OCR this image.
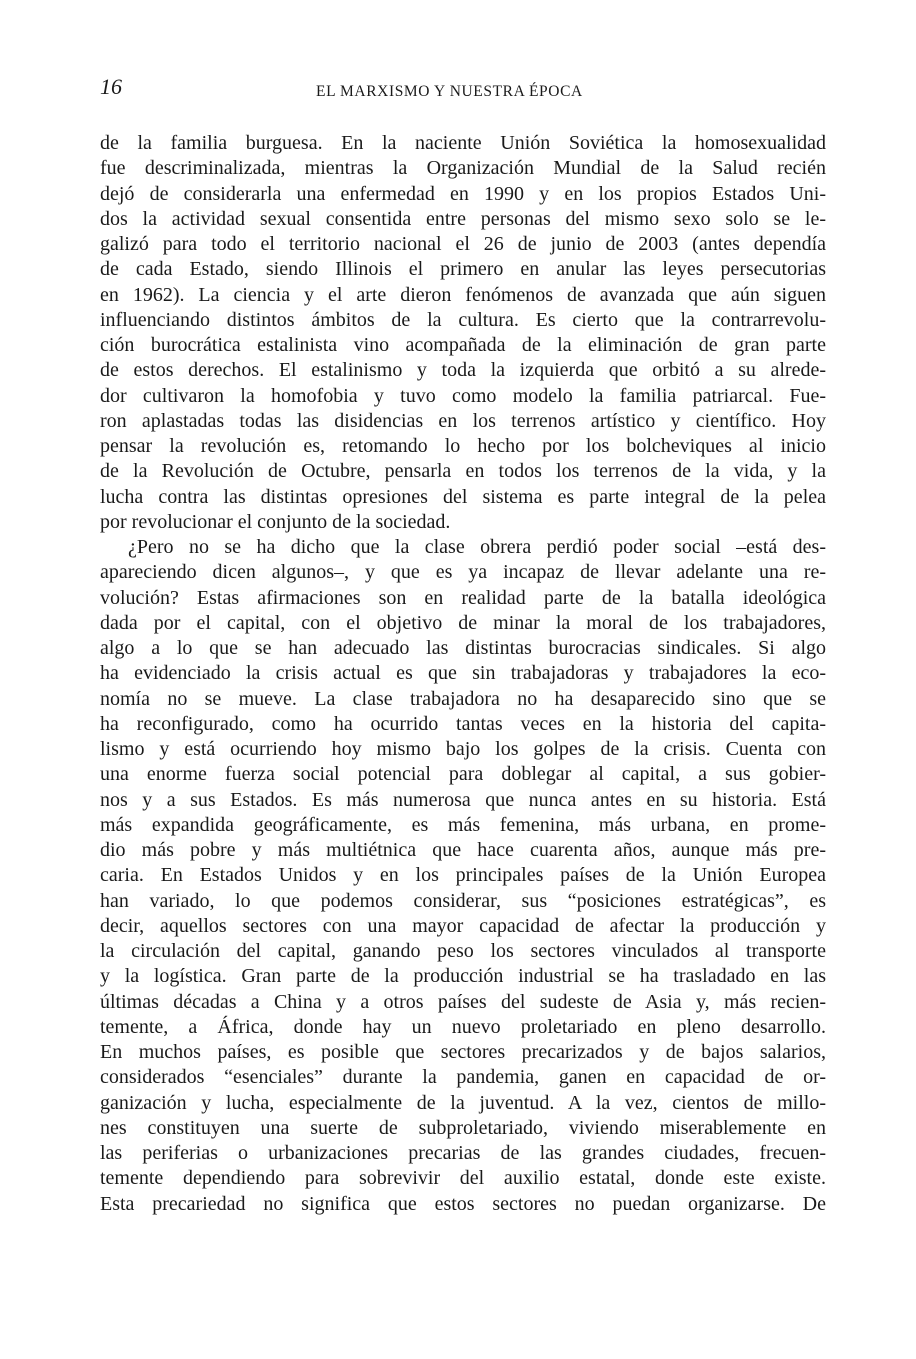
16	EL MARXISMO Y NUESTRA ÉPOCA
de la familia burguesa. En la naciente Unión Soviética la homosexualidad
fue descriminalizada, mientras la Organización Mundial de la Salud recién
dejó de considerarla una enfermedad en 1990 y en los propios Estados Uni-
dos la actividad sexual consentida entre personas del mismo sexo solo se le-
galizó para todo el territorio nacional el 26 de junio de 2003 (antes dependía
de cada Estado, siendo Illinois el primero en anular las leyes persecutorias
en 1962). La ciencia y el arte dieron fenómenos de avanzada que aún siguen
influenciando distintos ámbitos de la cultura. Es cierto que la contrarrevolu-
ción burocrática estalinista vino acompañada de la eliminación de gran parte
de estos derechos. El estalinismo y toda la izquierda que orbitó a su alrede-
dor cultivaron la homofobia y tuvo como modelo la familia patriarcal. Fue-
ron aplastadas todas las disidencias en los terrenos artístico y científico. Hoy
pensar la revolución es, retomando lo hecho por los bolcheviques al inicio
de la Revolución de Octubre, pensarla en todos los terrenos de la vida, y la
lucha contra las distintas opresiones del sistema es parte integral de la pelea
por revolucionar el conjunto de la sociedad.
¿Pero no se ha dicho que la clase obrera perdió poder social –está des-
apareciendo dicen algunos–, y que es ya incapaz de llevar adelante una re-
volución? Estas afirmaciones son en realidad parte de la batalla ideológica
dada por el capital, con el objetivo de minar la moral de los trabajadores,
algo a lo que se han adecuado las distintas burocracias sindicales. Si algo
ha evidenciado la crisis actual es que sin trabajadoras y trabajadores la eco-
nomía no se mueve. La clase trabajadora no ha desaparecido sino que se
ha reconfigurado, como ha ocurrido tantas veces en la historia del capita-
lismo y está ocurriendo hoy mismo bajo los golpes de la crisis. Cuenta con
una enorme fuerza social potencial para doblegar al capital, a sus gobier-
nos y a sus Estados. Es más numerosa que nunca antes en su historia. Está
más expandida geográficamente, es más femenina, más urbana, en prome-
dio más pobre y más multiétnica que hace cuarenta años, aunque más pre-
caria. En Estados Unidos y en los principales países de la Unión Europea
han variado, lo que podemos considerar, sus “posiciones estratégicas”, es
decir, aquellos sectores con una mayor capacidad de afectar la producción y
la circulación del capital, ganando peso los sectores vinculados al transporte
y la logística. Gran parte de la producción industrial se ha trasladado en las
últimas décadas a China y a otros países del sudeste de Asia y, más recien-
temente, a África, donde hay un nuevo proletariado en pleno desarrollo.
En muchos países, es posible que sectores precarizados y de bajos salarios,
considerados “esenciales” durante la pandemia, ganen en capacidad de or-
ganización y lucha, especialmente de la juventud. A la vez, cientos de millo-
nes constituyen una suerte de subproletariado, viviendo miserablemente en
las periferias o urbanizaciones precarias de las grandes ciudades, frecuen-
temente dependiendo para sobrevivir del auxilio estatal, donde este existe.
Esta precariedad no significa que estos sectores no puedan organizarse. De
